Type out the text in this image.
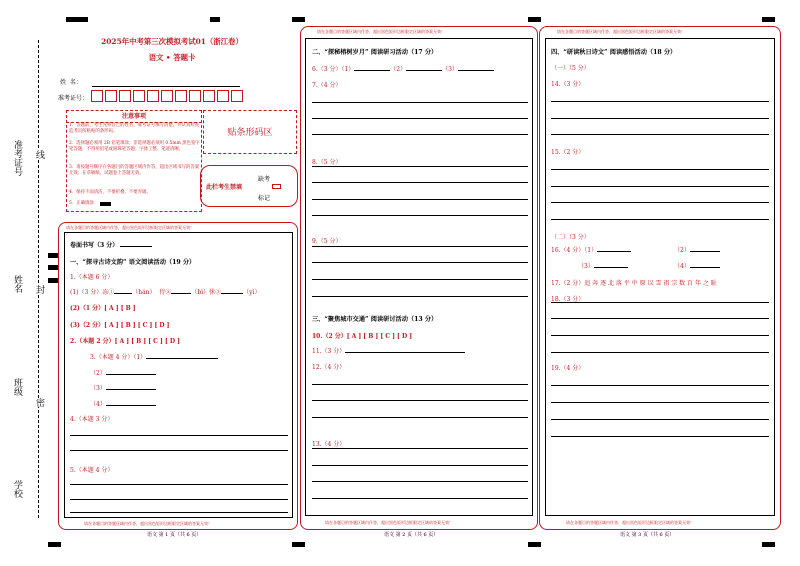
准考证号 线
姓名 封
班级
密
学校
2025年中考第三次模拟考试01（浙江卷）
语文 • 答题卡
姓  名：
准考证号：
注意事项
1．答题前，考生先将自己的姓名，准考证号填写清楚，并认真检查监考员所粘贴的条形码。
2．选择题必须用 2B 铅笔填涂；非选择题必须用 0.5mm 黑色签字笔答题，不得用铅笔或圆珠笔答题；字体工整、笔迹清晰。
3．请按题号顺序在各题目的答题区域内作答，超出区域书写的答案无效；在草稿纸、试题卷上答题无效。
4．保持卡面清洁，不要折叠、不要弄破。
5．正确填涂
贴条形码区
此栏考生禁填
缺考
标记
请在各题目的答题区域内作答，超出黑色矩形边框限定区域的答案无效！
请在各题目的答题区域内作答，超出黑色矩形边框限定区域的答案无效！
卷面书写（3 分）
一、“探寻古诗文韵” 语文阅读活动（19 分）
1.（本题 6 分）
(1)（3 分）冻①	（hán） 侍②	（bì）怵③	（yì）
(2)（1 分）[ A ] [ B ]
(3)（2 分）[ A ] [ B ] [ C ] [ D ]
2.（本题 2 分）[ A ] [ B ] [ C ] [ D ]
3.（本题 4 分）（1）
（2）
（3）
（4）
4.（本题 3 分）
5.（本题 4 分）
语文 第 1 页（共 6 页）
请在各题目的答题区域内作答，超出黑色矩形边框限定区域的答案无效！
请在各题目的答题区域内作答，超出黑色矩形边框限定区域的答案无效！
二、“探秘榕树岁月” 阅读研习活动（17 分）
6.（3 分）（1）	（2）	（3）
7.（4 分）
8.（5 分）
9.（5 分）
三、“聚焦城市交通” 阅读研讨活动（13 分）
10.（2 分）[ A ] [ B ] [ C ] [ D ]
11.（3 分）
12.（4 分）
13.（4 分）
语文 第 2 页（共 6 页）
请在各题目的答题区域内作答，超出黑色矩形边框限定区域的答案无效！
请在各题目的答题区域内作答，超出黑色矩形边框限定区域的答案无效！
四、“研读秋日诗文” 阅读感悟活动（18 分）
（一）（5 分）
14.（3 分）
15.（2 分）
（二）（3 分）
16.（4 分）（1）	（2）
（3）	（4）
17.（2 分）追 奔 逐 北 落 平 中 原 以 雪 祖 宗 数 百 年 之 耻
18.（3 分）
19.（4 分）
语文 第 3 页（共 6 页）
